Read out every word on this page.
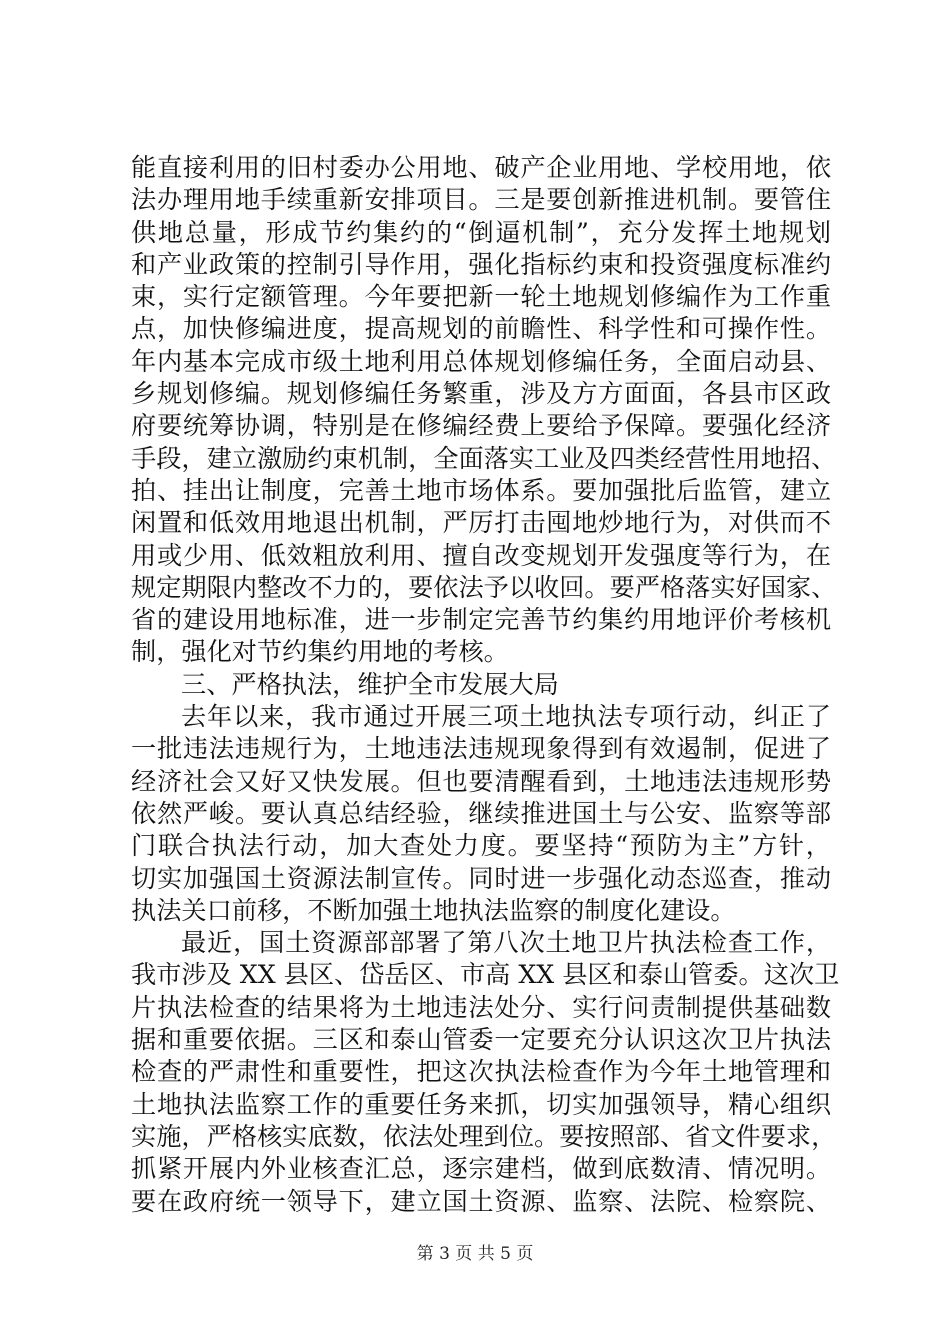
能直接利用的旧村委办公用地、破产企业用地、学校用地，依
法办理用地手续重新安排项目。三是要创新推进机制。要管住
供地总量，形成节约集约的“倒逼机制”，充分发挥土地规划
和产业政策的控制引导作用，强化指标约束和投资强度标准约
束，实行定额管理。今年要把新一轮土地规划修编作为工作重
点，加快修编进度，提高规划的前瞻性、科学性和可操作性。
年内基本完成市级土地利用总体规划修编任务，全面启动县、
乡规划修编。规划修编任务繁重，涉及方方面面，各县市区政
府要统筹协调，特别是在修编经费上要给予保障。要强化经济
手段，建立激励约束机制，全面落实工业及四类经营性用地招、
拍、挂出让制度，完善土地市场体系。要加强批后监管，建立
闲置和低效用地退出机制，严厉打击囤地炒地行为，对供而不
用或少用、低效粗放利用、擅自改变规划开发强度等行为，在
规定期限内整改不力的，要依法予以收回。要严格落实好国家、
省的建设用地标准，进一步制定完善节约集约用地评价考核机
制，强化对节约集约用地的考核。
三、严格执法，维护全市发展大局
去年以来，我市通过开展三项土地执法专项行动，纠正了
一批违法违规行为，土地违法违规现象得到有效遏制，促进了
经济社会又好又快发展。但也要清醒看到，土地违法违规形势
依然严峻。要认真总结经验，继续推进国土与公安、监察等部
门联合执法行动，加大查处力度。要坚持“预防为主”方针，
切实加强国土资源法制宣传。同时进一步强化动态巡查，推动
执法关口前移，不断加强土地执法监察的制度化建设。
最近，国土资源部部署了第八次土地卫片执法检查工作，
我市涉及 XX 县区、岱岳区、市高 XX 县区和泰山管委。这次卫
片执法检查的结果将为土地违法处分、实行问责制提供基础数
据和重要依据。三区和泰山管委一定要充分认识这次卫片执法
检查的严肃性和重要性，把这次执法检查作为今年土地管理和
土地执法监察工作的重要任务来抓，切实加强领导，精心组织
实施，严格核实底数，依法处理到位。要按照部、省文件要求，
抓紧开展内外业核查汇总，逐宗建档，做到底数清、情况明。
要在政府统一领导下，建立国土资源、监察、法院、检察院、
第 3 页 共 5 页
